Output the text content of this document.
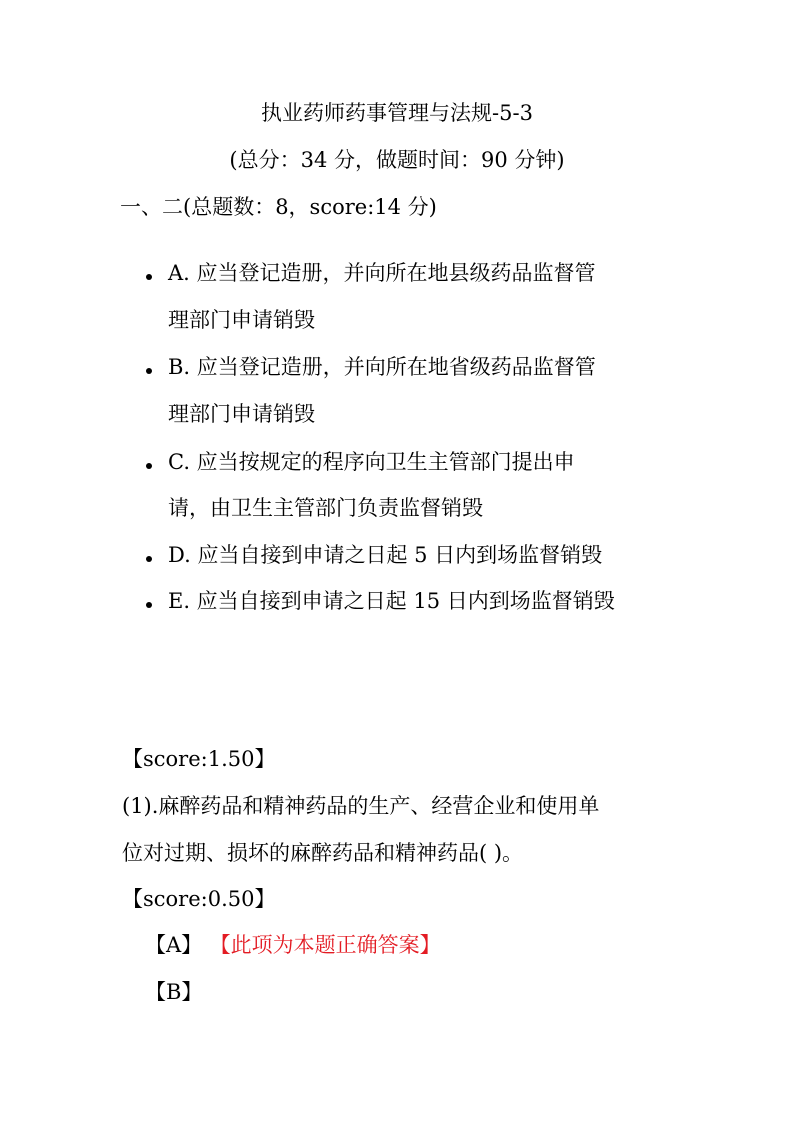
执业药师药事管理与法规-5-3
(总分：34 分，做题时间：90 分钟)
一、二(总题数：8，score:14 分)
A. 应当登记造册，并向所在地县级药品监督管
理部门申请销毁
B. 应当登记造册，并向所在地省级药品监督管
理部门申请销毁
C. 应当按规定的程序向卫生主管部门提出申
请，由卫生主管部门负责监督销毁
D. 应当自接到申请之日起 5 日内到场监督销毁
E. 应当自接到申请之日起 15 日内到场监督销毁
【score:1.50】
(1).麻醉药品和精神药品的生产、经营企业和使用单
位对过期、损坏的麻醉药品和精神药品( )。
【score:0.50】
【A】 【此项为本题正确答案】
【B】
